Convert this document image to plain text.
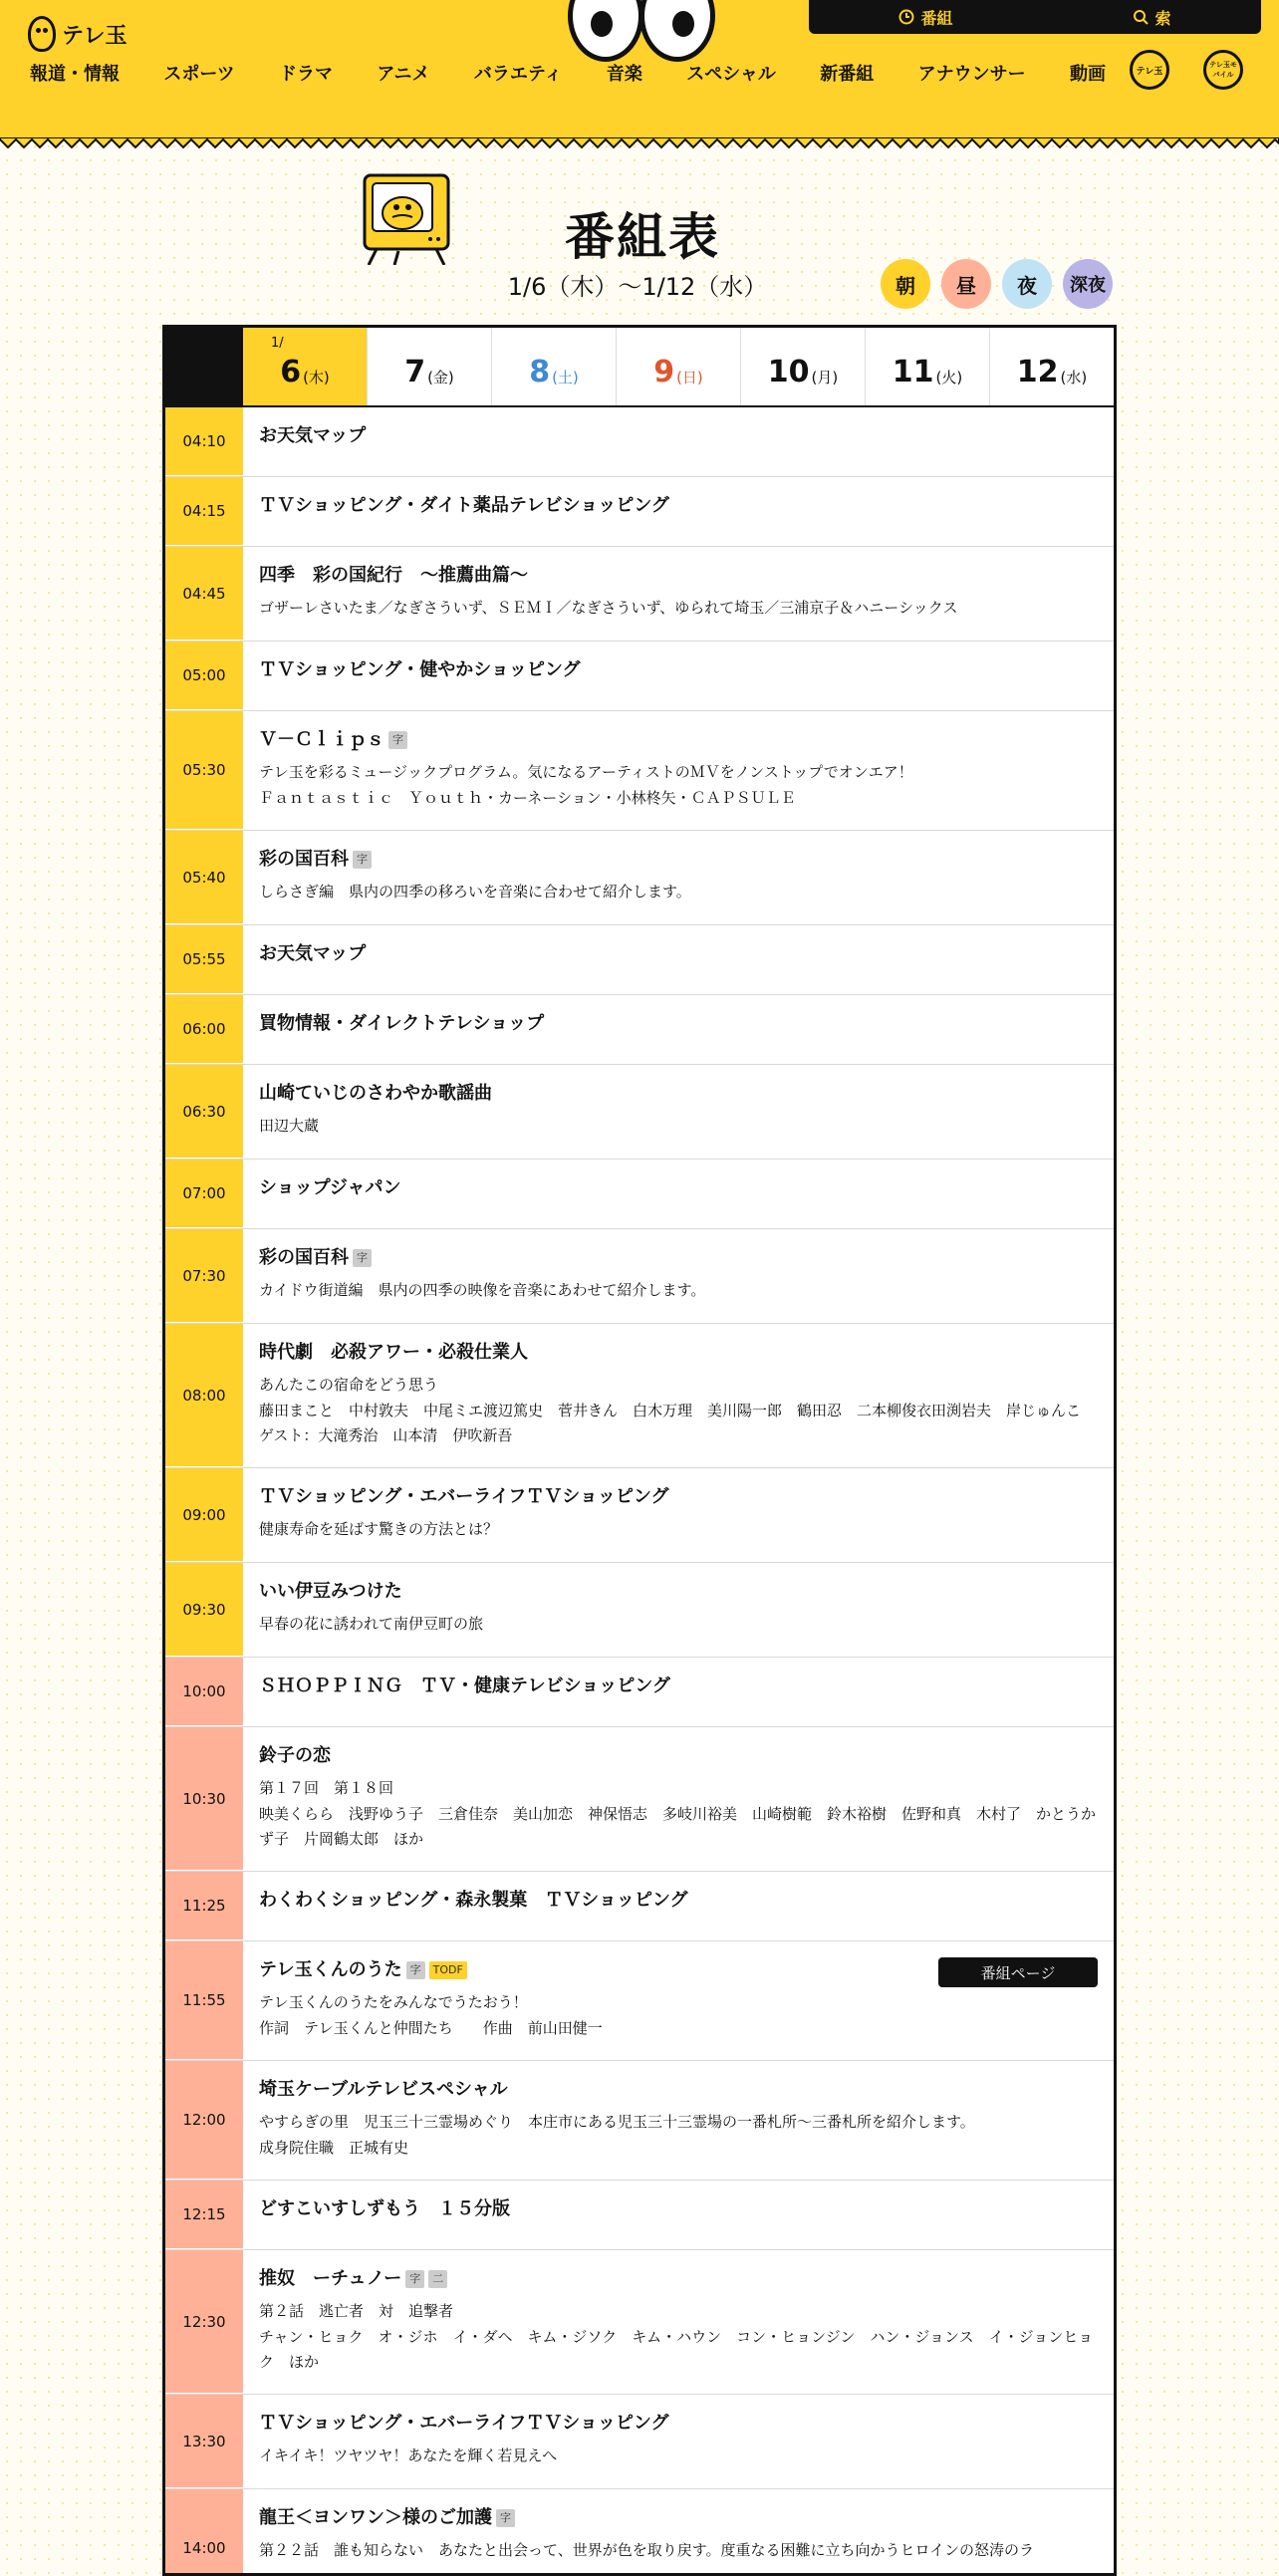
テレ玉
番組	索
報道・情報 スポーツ ドラマ アニメ バラエティ 音楽 スペシャル 新番組 アナウンサー 動画	テレ玉
テレ玉モバイル
番組表
1/6（木）〜1/12（水）	朝 昼 夜 深夜
1/
6 (木)	7 (金)	8 (土)	9 (日) 10 (月) 11 (火) 12 (水)
04:10	お天気マップ
04:15	ＴＶショッピング・ダイト薬品テレビショッピング
04:45
四季　彩の国紀行　～推薦曲篇～
ゴザーレさいたま／なぎさういず、ＳＥＭＩ／なぎさういず、ゆられて埼玉／三浦京子＆ハニーシックス
05:00	ＴＶショッピング・健やかショッピング
05:30
Ｖ－Ｃｌｉｐｓ 字
テレ玉を彩るミュージックプログラム。気になるアーティストのＭＶをノンストップでオンエア！
Ｆａｎｔａｓｔｉｃ　Ｙｏｕｔｈ・カーネーション・小林柊矢・ＣＡＰＳＵＬＥ
05:40
彩の国百科 字
しらさぎ編　県内の四季の移ろいを音楽に合わせて紹介します。
05:55	お天気マップ
06:00	買物情報・ダイレクトテレショップ
06:30
山崎ていじのさわやか歌謡曲
田辺大蔵
07:00	ショップジャパン
07:30
彩の国百科 字
カイドウ街道編　県内の四季の映像を音楽にあわせて紹介します。
08:00
時代劇　必殺アワー・必殺仕業人
あんたこの宿命をどう思う
藤田まこと　中村敦夫　中尾ミエ渡辺篤史　菅井きん　白木万理　美川陽一郎　鶴田忍　二本柳俊衣田渕岩夫　岸じゅんこ　ゲスト：大滝秀治　山本清　伊吹新吾
09:00
ＴＶショッピング・エバーライフＴＶショッピング
健康寿命を延ばす驚きの方法とは？
09:30
いい伊豆みつけた
早春の花に誘われて南伊豆町の旅
10:00	ＳＨＯＰＰＩＮＧ　ＴＶ・健康テレビショッピング
10:30
鈴子の恋
第１７回　第１８回
映美くらら　浅野ゆう子　三倉佳奈　美山加恋　神保悟志　多岐川裕美　山崎樹範　鈴木裕樹　佐野和真　木村了　かとうかず子　片岡鶴太郎　ほか
11:25	わくわくショッピング・森永製菓　ＴＶショッピング
11:55
テレ玉くんのうた 字 TODF
テレ玉くんのうたをみんなでうたおう！
作詞　テレ玉くんと仲間たち　　作曲　前山田健一
番組ページ
12:00
埼玉ケーブルテレビスペシャル
やすらぎの里　児玉三十三霊場めぐり　本庄市にある児玉三十三霊場の一番札所～三番札所を紹介します。
成身院住職　正城有史
12:15	どすこいすしずもう　１５分版
12:30
推奴　ーチュノー 字 二
第２話　逃亡者　対　追撃者
チャン・ヒョク　オ・ジホ　イ・ダヘ　キム・ジソク　キム・ハウン　コン・ヒョンジン　ハン・ジョンス　イ・ジョンヒョク　ほか
13:30
ＴＶショッピング・エバーライフＴＶショッピング
イキイキ！ツヤツヤ！あなたを輝く若見えへ
14:00
龍王＜ヨンワン＞様のご加護 字
第２２話　誰も知らない　あなたと出会って、世界が色を取り戻す。度重なる困難に立ち向かうヒロインの怒涛のラ
